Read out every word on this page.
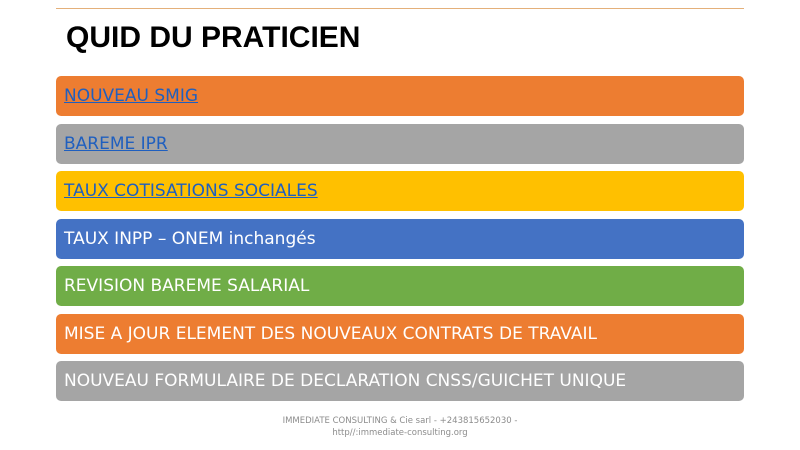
QUID DU PRATICIEN
NOUVEAU SMIG
BAREME IPR
TAUX COTISATIONS SOCIALES
TAUX INPP – ONEM inchangés
REVISION BAREME SALARIAL
MISE A JOUR ELEMENT DES NOUVEAUX CONTRATS DE TRAVAIL
NOUVEAU FORMULAIRE DE DECLARATION CNSS/GUICHET UNIQUE
IMMEDIATE CONSULTING & Cie sarl - +243815652030 -
http//:immediate-consulting.org
